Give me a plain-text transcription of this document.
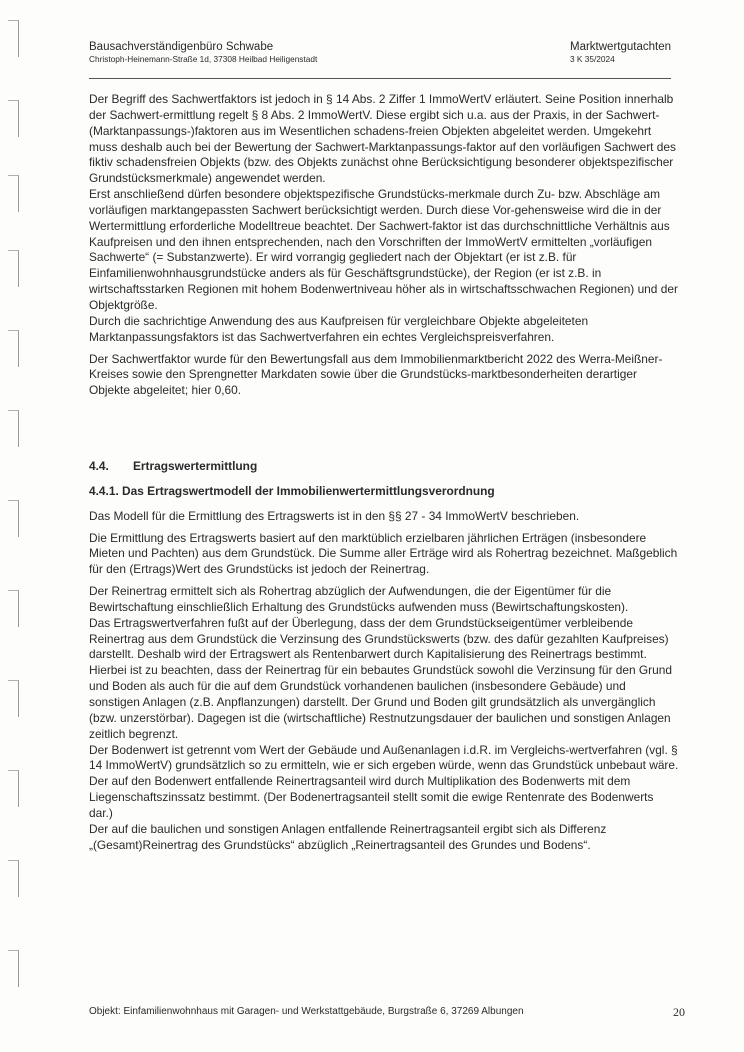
Bausachverständigenbüro Schwabe
Christoph-Heinemann-Straße 1d, 37308 Heilbad Heiligenstadt
Marktwertgutachten
3 K 35/2024

Der Begriff des Sachwertfaktors ist jedoch in § 14 Abs. 2 Ziffer 1 ImmoWertV erläutert. Seine Position innerhalb der Sachwert-ermittlung regelt § 8 Abs. 2 ImmoWertV. Diese ergibt sich u.a. aus der Praxis, in der Sachwert-(Marktanpassungs-)faktoren aus im Wesentlichen schadens-freien Objekten abgeleitet werden. Umgekehrt muss deshalb auch bei der Bewertung der Sachwert-Marktanpassungs-faktor auf den vorläufigen Sachwert des fiktiv schadensfreien Objekts (bzw. des Objekts zunächst ohne Berücksichtigung besonderer objektspezifischer Grundstücksmerkmale) angewendet werden.

Erst anschließend dürfen besondere objektspezifische Grundstücks-merkmale durch Zu- bzw. Abschläge am vorläufigen marktangepassten Sachwert berücksichtigt werden. Durch diese Vor-gehensweise wird die in der Wertermittlung erforderliche Modelltreue beachtet. Der Sachwert-faktor ist das durchschnittliche Verhältnis aus Kaufpreisen und den ihnen entsprechenden, nach den Vorschriften der ImmoWertV ermittelten „vorläufigen Sachwerte“ (= Substanzwerte). Er wird vorrangig gegliedert nach der Objektart (er ist z.B. für Einfamilienwohnhausgrundstücke anders als für Geschäftsgrundstücke), der Region (er ist z.B. in wirtschaftsstarken Regionen mit hohem Bodenwertniveau höher als in wirtschaftsschwachen Regionen) und der Objektgröße.

Durch die sachrichtige Anwendung des aus Kaufpreisen für vergleichbare Objekte abgeleiteten Marktanpassungsfaktors ist das Sachwertverfahren ein echtes Vergleichspreisverfahren.

Der Sachwertfaktor wurde für den Bewertungsfall aus dem Immobilienmarktbericht 2022 des Werra-Meißner-Kreises sowie den Sprengnetter Markdaten sowie über die Grundstücks-marktbesonderheiten derartiger Objekte abgeleitet; hier 0,60.

4.4.	Ertragswertermittlung

4.4.1. Das Ertragswertmodell der Immobilienwertermittlungsverordnung

Das Modell für die Ermittlung des Ertragswerts ist in den §§ 27 - 34 ImmoWertV beschrieben.

Die Ermittlung des Ertragswerts basiert auf den marktüblich erzielbaren jährlichen Erträgen (insbesondere Mieten und Pachten) aus dem Grundstück. Die Summe aller Erträge wird als Rohertrag bezeichnet. Maßgeblich für den (Ertrags)Wert des Grundstücks ist jedoch der Reinertrag.

Der Reinertrag ermittelt sich als Rohertrag abzüglich der Aufwendungen, die der Eigentümer für die Bewirtschaftung einschließlich Erhaltung des Grundstücks aufwenden muss (Bewirtschaftungskosten).

Das Ertragswertverfahren fußt auf der Überlegung, dass der dem Grundstückseigentümer verbleibende Reinertrag aus dem Grundstück die Verzinsung des Grundstückswerts (bzw. des dafür gezahlten Kaufpreises) darstellt. Deshalb wird der Ertragswert als Rentenbarwert durch Kapitalisierung des Reinertrags bestimmt.

Hierbei ist zu beachten, dass der Reinertrag für ein bebautes Grundstück sowohl die Verzinsung für den Grund und Boden als auch für die auf dem Grundstück vorhandenen baulichen (insbesondere Gebäude) und sonstigen Anlagen (z.B. Anpflanzungen) darstellt. Der Grund und Boden gilt grundsätzlich als unvergänglich (bzw. unzerstörbar). Dagegen ist die (wirtschaftliche) Restnutzungsdauer der baulichen und sonstigen Anlagen zeitlich begrenzt.

Der Bodenwert ist getrennt vom Wert der Gebäude und Außenanlagen i.d.R. im Vergleichs-wertverfahren (vgl. § 14 ImmoWertV) grundsätzlich so zu ermitteln, wie er sich ergeben würde, wenn das Grundstück unbebaut wäre.

Der auf den Bodenwert entfallende Reinertragsanteil wird durch Multiplikation des Bodenwerts mit dem Liegenschaftszinssatz bestimmt. (Der Bodenertragsanteil stellt somit die ewige Rentenrate des Bodenwerts dar.)

Der auf die baulichen und sonstigen Anlagen entfallende Reinertragsanteil ergibt sich als Differenz „(Gesamt)Reinertrag des Grundstücks“ abzüglich „Reinertragsanteil des Grundes und Bodens“.

Objekt: Einfamilienwohnhaus mit Garagen- und Werkstattgebäude, Burgstraße 6, 37269 Albungen	20
